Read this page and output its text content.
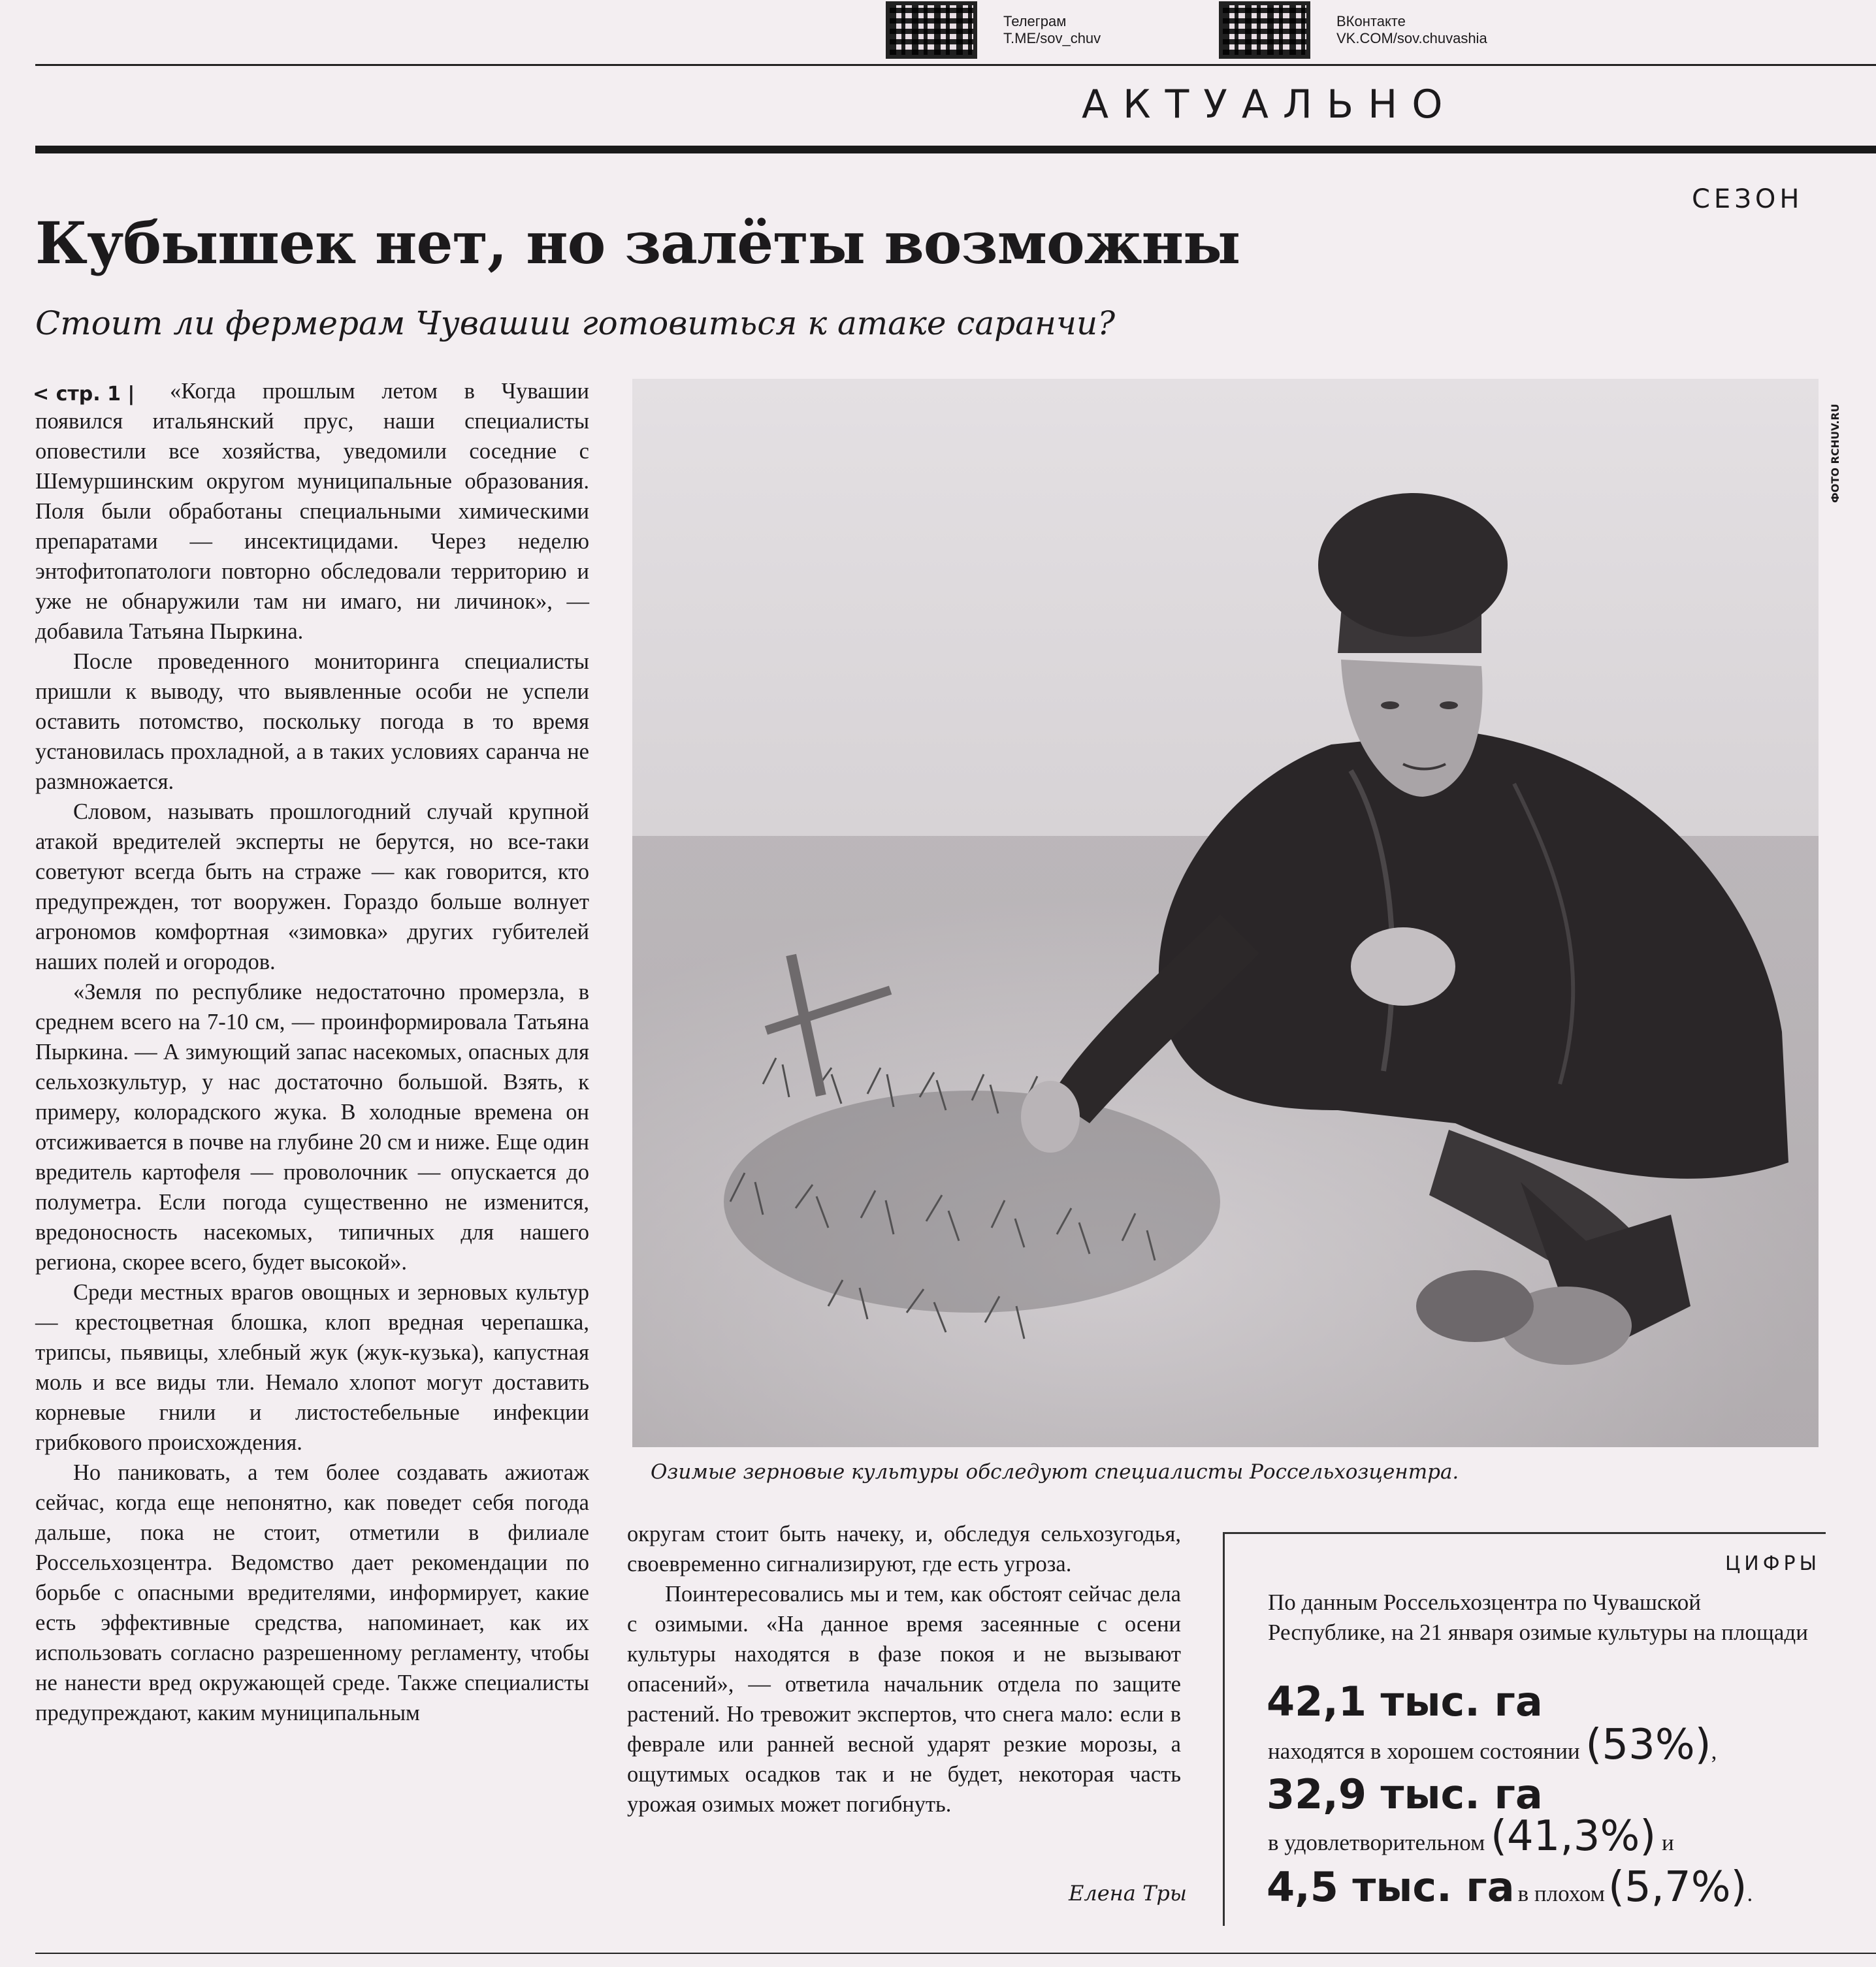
Телеграм
T.ME/sov_chuv
ВКонтакте
VK.COM/sov.chuvashia
АКТУАЛЬНО
СЕЗОН
Кубышек нет, но залёты возможны
Стоит ли фермерам Чувашии готовиться к атаке саранчи?
< стр. 1 |	«Когда прошлым летом в Чувашии появился итальянский прус, наши специалисты оповестили все хозяйства, уведомили соседние с Шемуршинским округом муниципальные образования. Поля были обработаны специальными химическими препаратами — инсектицидами. Через неделю энтофитопатологи повторно обследовали территорию и уже не обнаружили там ни имаго, ни личинок», — добавила Татьяна Пыркина.

После проведенного мониторинга специалисты пришли к выводу, что выявленные особи не успели оставить потомство, поскольку погода в то время установилась прохладной, а в таких условиях саранча не размножается.

Словом, называть прошлогодний случай крупной атакой вредителей эксперты не берутся, но все-таки советуют всегда быть на страже — как говорится, кто предупрежден, тот вооружен. Гораздо больше волнует агрономов комфортная «зимовка» других губителей наших полей и огородов.

«Земля по республике недостаточно промерзла, в среднем всего на 7-10 см, — проинформировала Татьяна Пыркина. — А зимующий запас насекомых, опасных для сельхозкультур, у нас достаточно большой. Взять, к примеру, колорадского жука. В холодные времена он отсиживается в почве на глубине 20 см и ниже. Еще один вредитель картофеля — проволочник — опускается до полуметра. Если погода существенно не изменится, вредоносность насекомых, типичных для нашего региона, скорее всего, будет высокой».

Среди местных врагов овощных и зерновых культур — крестоцветная блошка, клоп вредная черепашка, трипсы, пьявицы, хлебный жук (жук-кузька), капустная моль и все виды тли. Немало хлопот могут доставить корневые гнили и листостебельные инфекции грибкового происхождения.

Но паниковать, а тем более создавать ажиотаж сейчас, когда еще непонятно, как поведет себя погода дальше, пока не стоит, отметили в филиале Россельхозцентра. Ведомство дает рекомендации по борьбе с опасными вредителями, информирует, какие есть эффективные средства, напоминает, как их использовать согласно разрешенному регламенту, чтобы не нанести вред окружающей среде. Также специалисты предупреждают, каким муниципальным

ФОТО RCHUV.RU
Озимые зерновые культуры обследуют специалисты Россельхозцентра.

округам стоит быть начеку, и, обследуя сельхозугодья, своевременно сигнализируют, где есть угроза.

Поинтересовались мы и тем, как обстоят сейчас дела с озимыми. «На данное время засеянные с осени культуры находятся в фазе покоя и не вызывают опасений», — ответила начальник отдела по защите растений. Но тревожит экспертов, что снега мало: если в феврале или ранней весной ударят резкие морозы, а ощутимых осадков так и не будет, некоторая часть урожая озимых может погибнуть.

Елена Тры
ЦИФРЫ
По данным Россельхозцентра по Чувашской Республике, на 21 января озимые культуры на площади
42,1 тыс. га
находятся в хорошем состоянии (53%),
32,9 тыс. га
в удовлетворительном (41,3%) и
4,5 тыс. га в плохом (5,7%).
